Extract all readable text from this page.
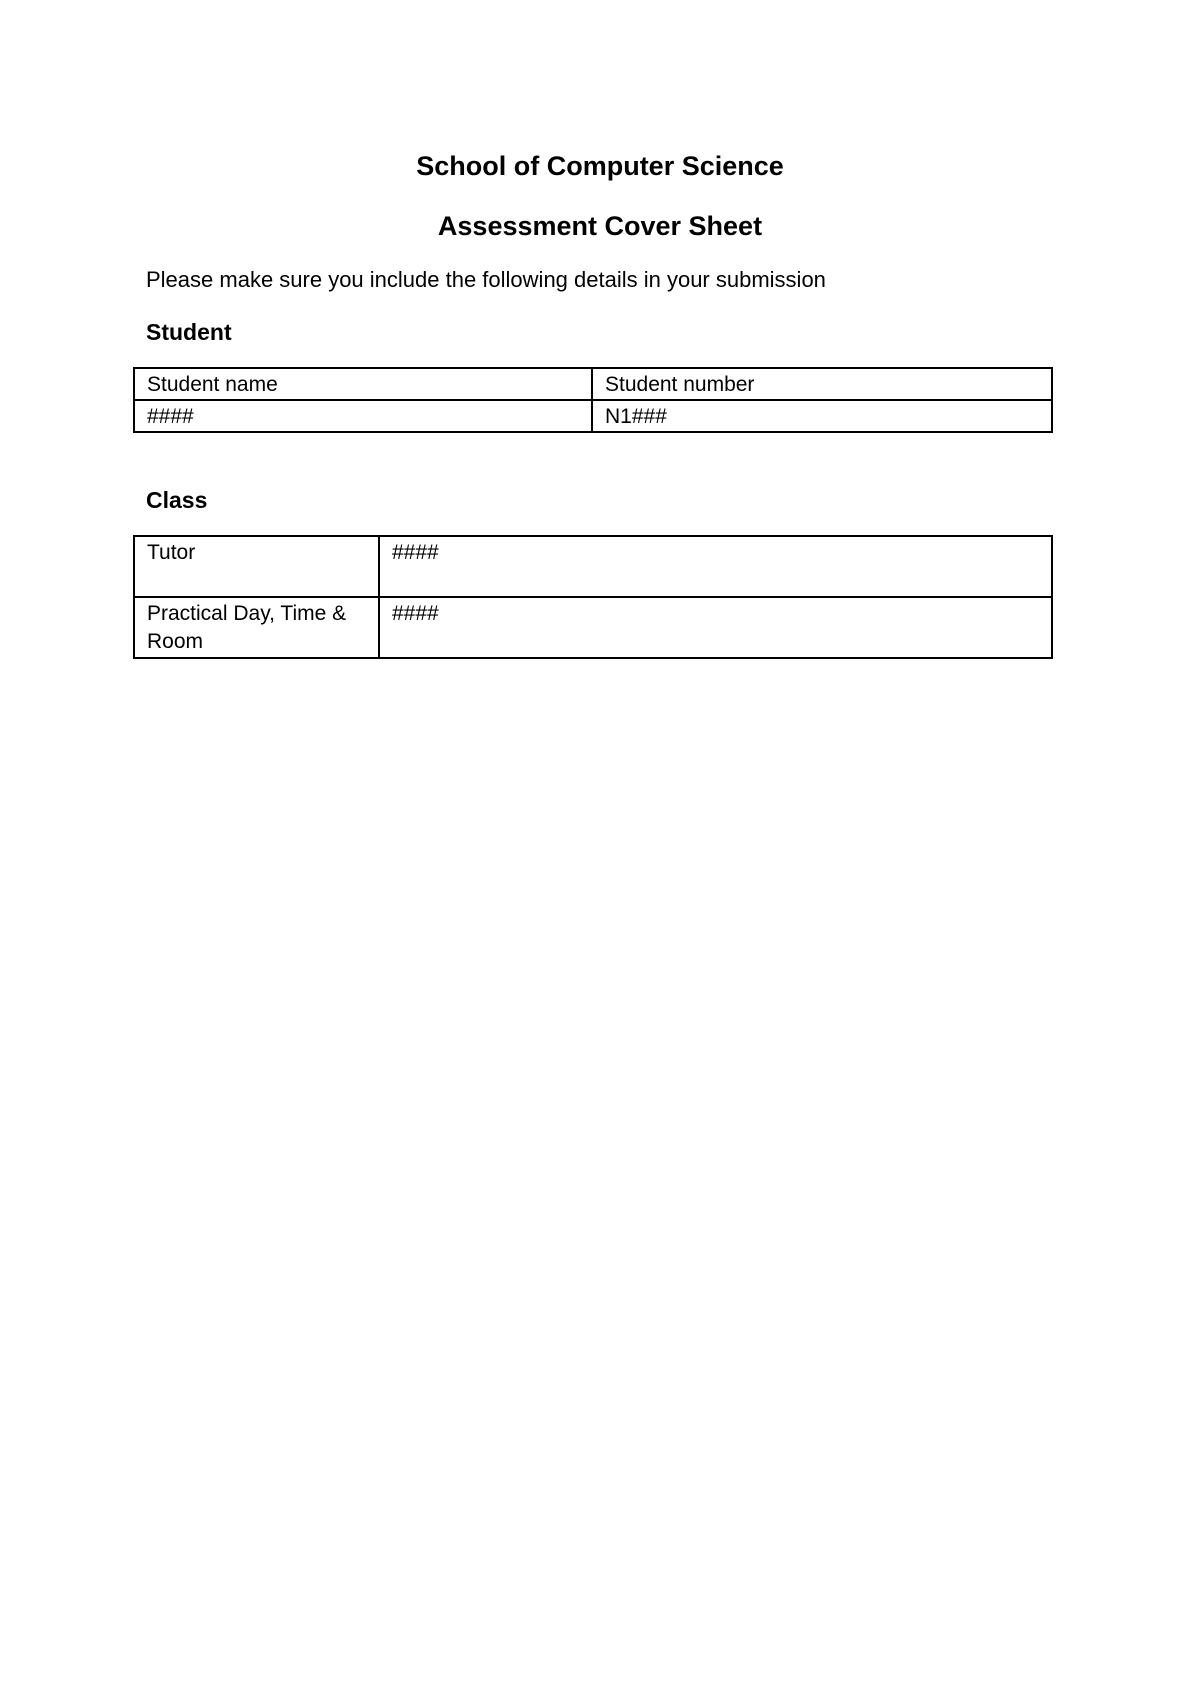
School of Computer Science
Assessment Cover Sheet
Please make sure you include the following details in your submission
Student
Student name	Student number
####	N1###
Class
Tutor	####
Practical Day, Time & Room	####
